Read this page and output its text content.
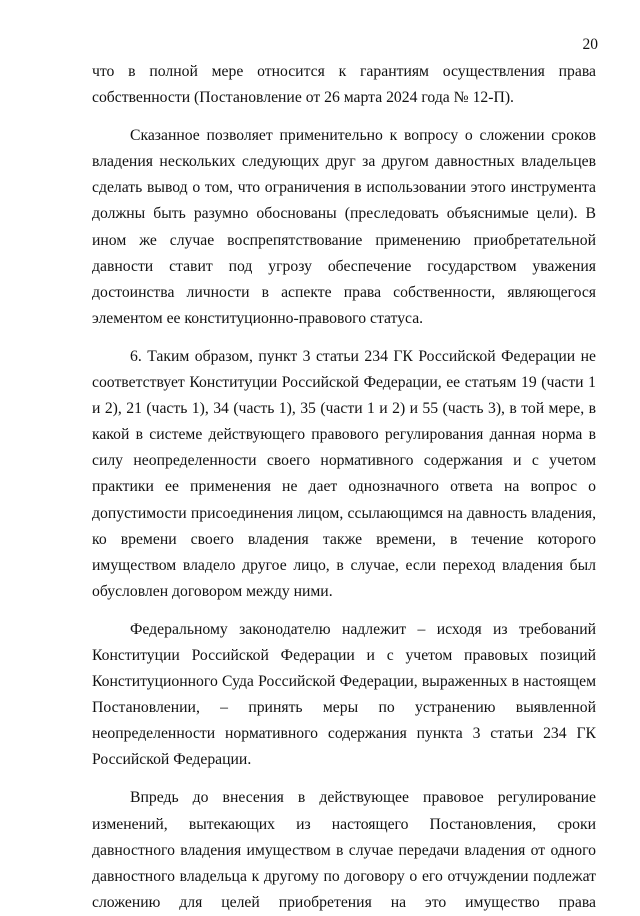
20

что в полной мере относится к гарантиям осуществления права собственности (Постановление от 26 марта 2024 года № 12-П).

Сказанное позволяет применительно к вопросу о сложении сроков владения нескольких следующих друг за другом давностных владельцев сделать вывод о том, что ограничения в использовании этого инструмента должны быть разумно обоснованы (преследовать объяснимые цели). В ином же случае воспрепятствование применению приобретательной давности ставит под угрозу обеспечение государством уважения достоинства личности в аспекте права собственности, являющегося элементом ее конституционно-правового статуса.

6. Таким образом, пункт 3 статьи 234 ГК Российской Федерации не соответствует Конституции Российской Федерации, ее статьям 19 (части 1 и 2), 21 (часть 1), 34 (часть 1), 35 (части 1 и 2) и 55 (часть 3), в той мере, в какой в системе действующего правового регулирования данная норма в силу неопределенности своего нормативного содержания и с учетом практики ее применения не дает однозначного ответа на вопрос о допустимости присоединения лицом, ссылающимся на давность владения, ко времени своего владения также времени, в течение которого имуществом владело другое лицо, в случае, если переход владения был обусловлен договором между ними.

Федеральному законодателю надлежит – исходя из требований Конституции Российской Федерации и с учетом правовых позиций Конституционного Суда Российской Федерации, выраженных в настоящем Постановлении, – принять меры по устранению выявленной неопределенности нормативного содержания пункта 3 статьи 234 ГК Российской Федерации.

Впредь до внесения в действующее правовое регулирование изменений, вытекающих из настоящего Постановления, сроки давностного владения имуществом в случае передачи владения от одного давностного владельца к другому по договору о его отчуждении подлежат сложению для целей приобретения на это имущество права
